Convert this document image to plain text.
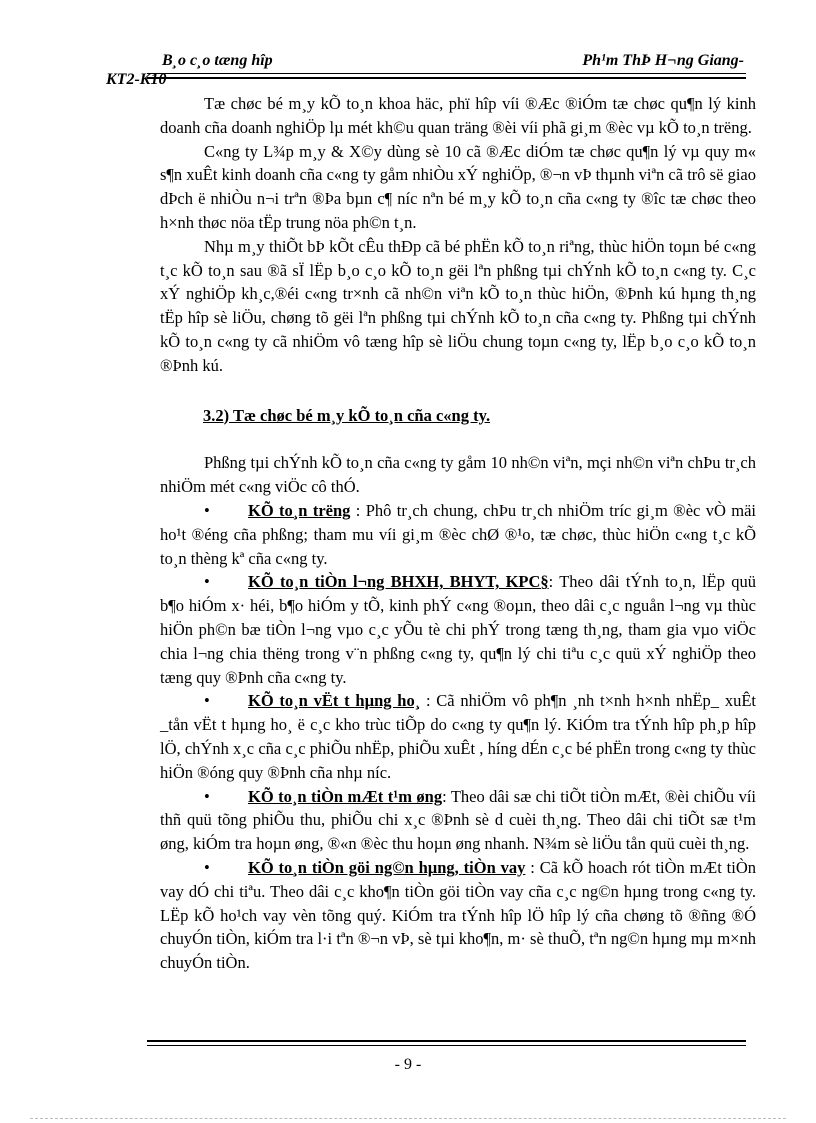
B¸o c¸o tæng hîp	Ph¹m ThÞ H¬ng Giang-
KT2-K10

Tæ chøc bé m¸y kÕ to¸n khoa häc, phï hîp víi ®Æc ®iÓm tæ chøc qu¶n lý kinh doanh cña doanh nghiÖp lµ mét kh©u quan träng ®èi víi phã gi¸m ®èc vµ kÕ to¸n trëng.

C«ng ty L¾p m¸y & X©y dùng sè 10 cã ®Æc diÓm tæ chøc qu¶n lý vµ quy m« s¶n xuÊt kinh doanh cña c«ng ty gåm nhiÒu xÝ nghiÖp, ®¬n vÞ thµnh viªn cã trô së giao dÞch ë nhiÒu n¬i trªn ®Þa bµn c¶ níc nªn bé m¸y kÕ to¸n cña c«ng ty ®îc tæ chøc theo h×nh thøc nöa tËp trung nöa ph©n t¸n.

Nhµ m¸y thiÕt bÞ kÕt cÊu thÐp cã bé phËn kÕ to¸n riªng, thùc hiÖn toµn bé c«ng t¸c kÕ to¸n sau ®ã sÏ lËp b¸o c¸o kÕ to¸n gëi lªn phßng tµi chÝnh kÕ to¸n c«ng ty. C¸c xÝ nghiÖp kh¸c,®éi c«ng tr×nh cã nh©n viªn kÕ to¸n thùc hiÖn, ®Þnh kú hµng th¸ng tËp hîp sè liÖu, chøng tõ gëi lªn phßng tµi chÝnh kÕ to¸n cña c«ng ty. Phßng tµi chÝnh kÕ to¸n c«ng ty cã nhiÖm vô tæng hîp sè liÖu chung toµn c«ng ty, lËp b¸o c¸o kÕ to¸n ®Þnh kú.

3.2) Tæ chøc bé m¸y kÕ to¸n cña c«ng ty.

Phßng tµi chÝnh kÕ to¸n cña c«ng ty gåm 10 nh©n viªn, mçi nh©n viªn chÞu tr¸ch nhiÖm mét c«ng viÖc cô thÓ.

• KÕ to¸n trëng : Phô tr¸ch chung, chÞu tr¸ch nhiÖm tríc gi¸m ®èc vÒ mäi ho¹t ®éng cña phßng; tham mu víi gi¸m ®èc chØ ®¹o, tæ chøc, thùc hiÖn c«ng t¸c kÕ to¸n thèng kª cña c«ng ty.

• KÕ to¸n tiÒn l¬ng BHXH, BHYT, KPC§: Theo dâi tÝnh to¸n, lËp quü b¶o hiÓm x· héi, b¶o hiÓm y tÕ, kinh phÝ c«ng ®oµn, theo dâi c¸c nguån l¬ng vµ thùc hiÖn ph©n bæ tiÒn l¬ng vµo c¸c yÕu tè chi phÝ trong tæng th¸ng, tham gia vµo viÖc chia l¬ng chia thëng trong v¨n phßng c«ng ty, qu¶n lý chi tiªu c¸c quü xÝ nghiÖp theo tæng quy ®Þnh cña c«ng ty.

• KÕ to¸n vËt t hµng ho¸ : Cã nhiÖm vô ph¶n ¸nh t×nh h×nh nhËp_ xuÊt _tån vËt t hµng ho¸ ë c¸c kho trùc tiÕp do c«ng ty qu¶n lý. KiÓm tra tÝnh hîp ph¸p hîp lÖ, chÝnh x¸c cña c¸c phiÕu nhËp, phiÕu xuÊt , híng dÉn c¸c bé phËn trong c«ng ty thùc hiÖn ®óng quy ®Þnh cña nhµ níc.

• KÕ to¸n tiÒn mÆt t¹m øng: Theo dâi sæ chi tiÕt tiÒn mÆt, ®èi chiÕu víi thñ quü tõng phiÕu thu, phiÕu chi x¸c ®Þnh sè d cuèi th¸ng. Theo dâi chi tiÕt sæ t¹m øng, kiÓm tra hoµn øng, ®«n ®èc thu hoµn øng nhanh. N¾m sè liÖu tån quü cuèi th¸ng.

• KÕ to¸n tiÒn göi ng©n hµng, tiÒn vay : Cã kÕ hoach rót tiÒn mÆt tiÒn vay dÓ chi tiªu. Theo dâi c¸c kho¶n tiÒn göi tiÒn vay cña c¸c ng©n hµng trong c«ng ty. LËp kÕ ho¹ch vay vèn tõng quý. KiÓm tra tÝnh hîp lÖ hîp lý cña chøng tõ ®ñng ®Ó chuyÓn tiÒn, kiÓm tra l·i tªn ®¬n vÞ, sè tµi kho¶n, m· sè thuÕ, tªn ng©n hµng mµ m×nh chuyÓn tiÒn.

- 9 -
